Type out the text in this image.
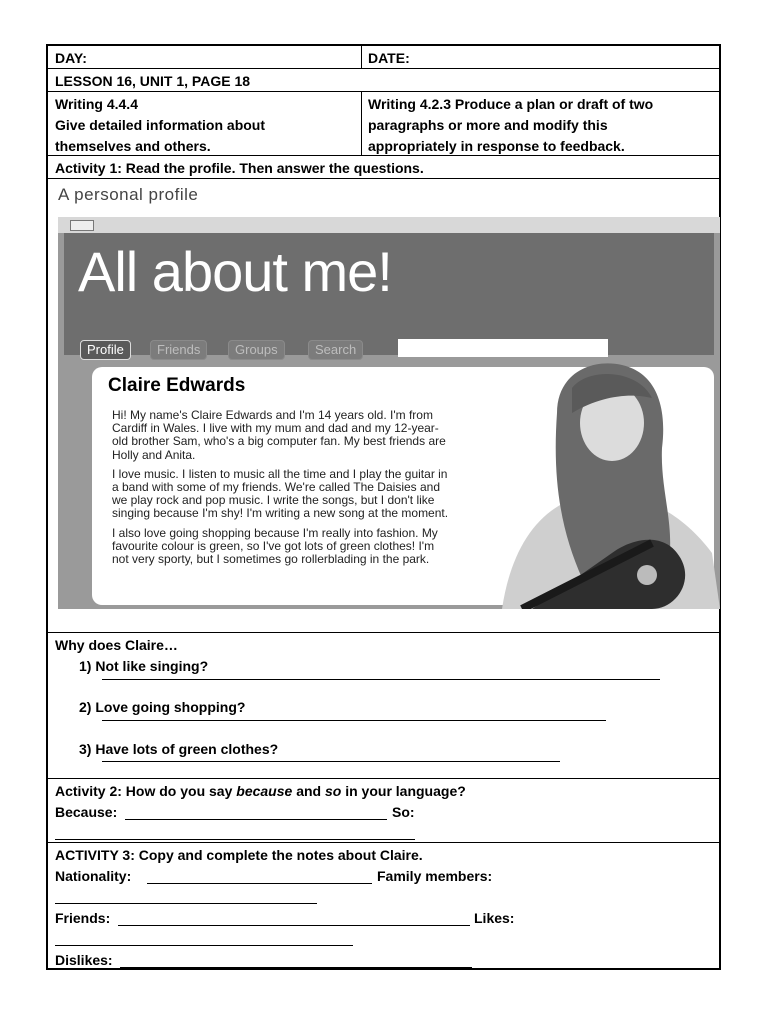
DAY:	DATE:
LESSON 16, UNIT 1, PAGE 18
Writing 4.4.4
Give detailed information about
themselves and others.
Writing 4.2.3 Produce a plan or draft of two
paragraphs or more and modify this
appropriately in response to feedback.
Activity 1: Read the profile. Then answer the questions.
A personal profile
All about me!
Profile	Friends	Groups	Search
Claire Edwards

Hi! My name's Claire Edwards and I'm 14 years old. I'm from Cardiff in Wales. I live with my mum and dad and my 12-year-old brother Sam, who's a big computer fan. My best friends are Holly and Anita.

I love music. I listen to music all the time and I play the guitar in a band with some of my friends. We're called The Daisies and we play rock and pop music. I write the songs, but I don't like singing because I'm shy! I'm writing a new song at the moment.

I also love going shopping because I'm really into fashion. My favourite colour is green, so I've got lots of green clothes! I'm not very sporty, but I sometimes go rollerblading in the park.

Why does Claire…
1) Not like singing?
2) Love going shopping?
3) Have lots of green clothes?
Activity 2: How do you say because and so in your language?
Because:	So:
ACTIVITY 3: Copy and complete the notes about Claire.
Nationality:	Family members:
Friends:	Likes:
Dislikes:
